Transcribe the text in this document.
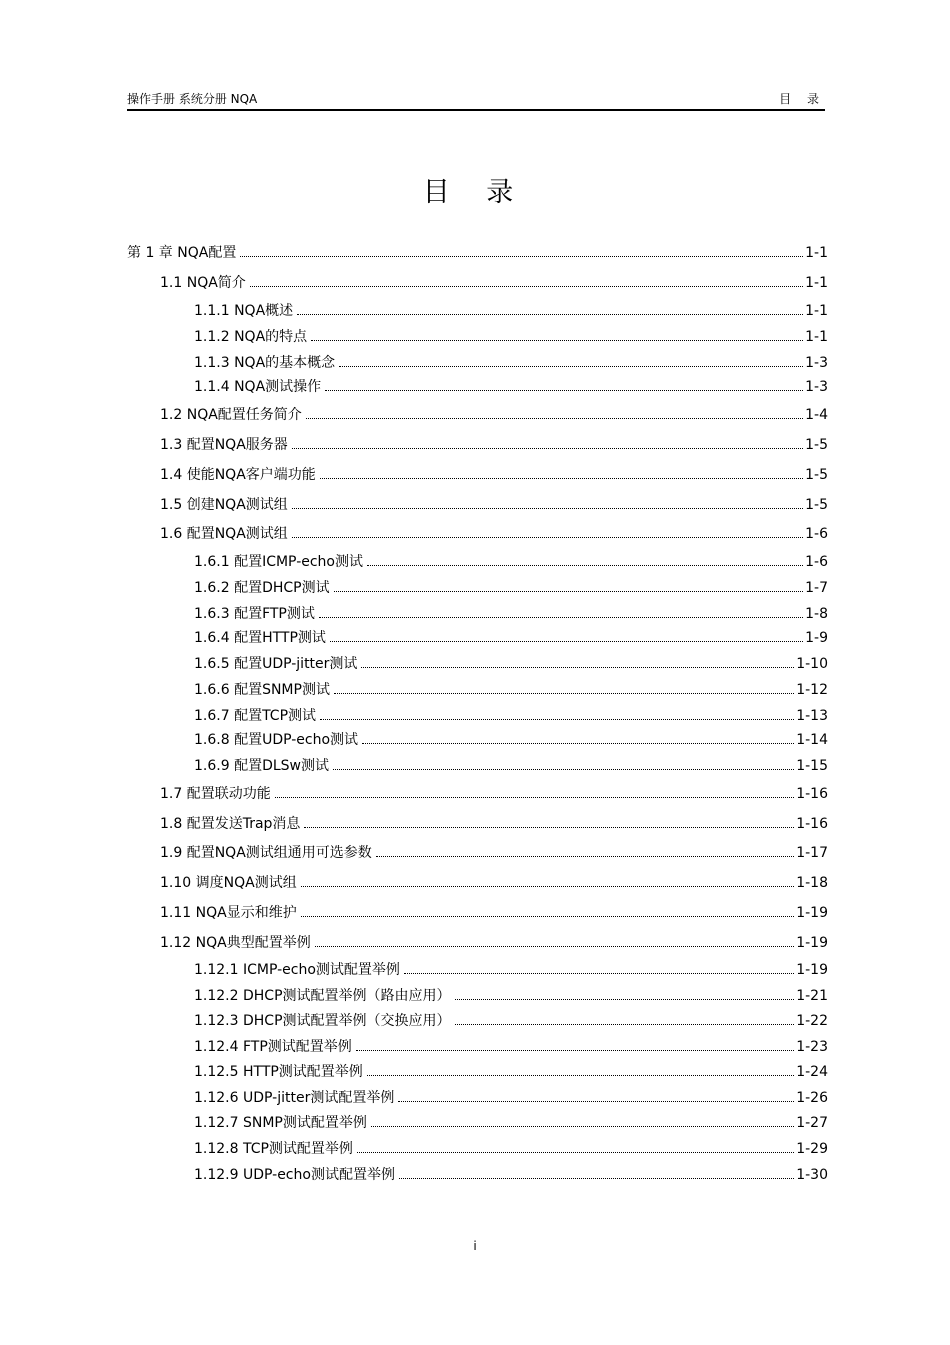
操作手册 系统分册 NQA	目 录
目 录
第 1 章 NQA配置	1-1
1.1 NQA简介	1-1
1.1.1 NQA概述	1-1
1.1.2 NQA的特点	1-1
1.1.3 NQA的基本概念	1-3
1.1.4 NQA测试操作	1-3
1.2 NQA配置任务简介	1-4
1.3 配置NQA服务器	1-5
1.4 使能NQA客户端功能	1-5
1.5 创建NQA测试组	1-5
1.6 配置NQA测试组	1-6
1.6.1 配置ICMP-echo测试	1-6
1.6.2 配置DHCP测试	1-7
1.6.3 配置FTP测试	1-8
1.6.4 配置HTTP测试	1-9
1.6.5 配置UDP-jitter测试	1-10
1.6.6 配置SNMP测试	1-12
1.6.7 配置TCP测试	1-13
1.6.8 配置UDP-echo测试	1-14
1.6.9 配置DLSw测试	1-15
1.7 配置联动功能	1-16
1.8 配置发送Trap消息	1-16
1.9 配置NQA测试组通用可选参数	1-17
1.10 调度NQA测试组	1-18
1.11 NQA显示和维护	1-19
1.12 NQA典型配置举例	1-19
1.12.1 ICMP-echo测试配置举例	1-19
1.12.2 DHCP测试配置举例（路由应用）	1-21
1.12.3 DHCP测试配置举例（交换应用）	1-22
1.12.4 FTP测试配置举例	1-23
1.12.5 HTTP测试配置举例	1-24
1.12.6 UDP-jitter测试配置举例	1-26
1.12.7 SNMP测试配置举例	1-27
1.12.8 TCP测试配置举例	1-29
1.12.9 UDP-echo测试配置举例	1-30
i
